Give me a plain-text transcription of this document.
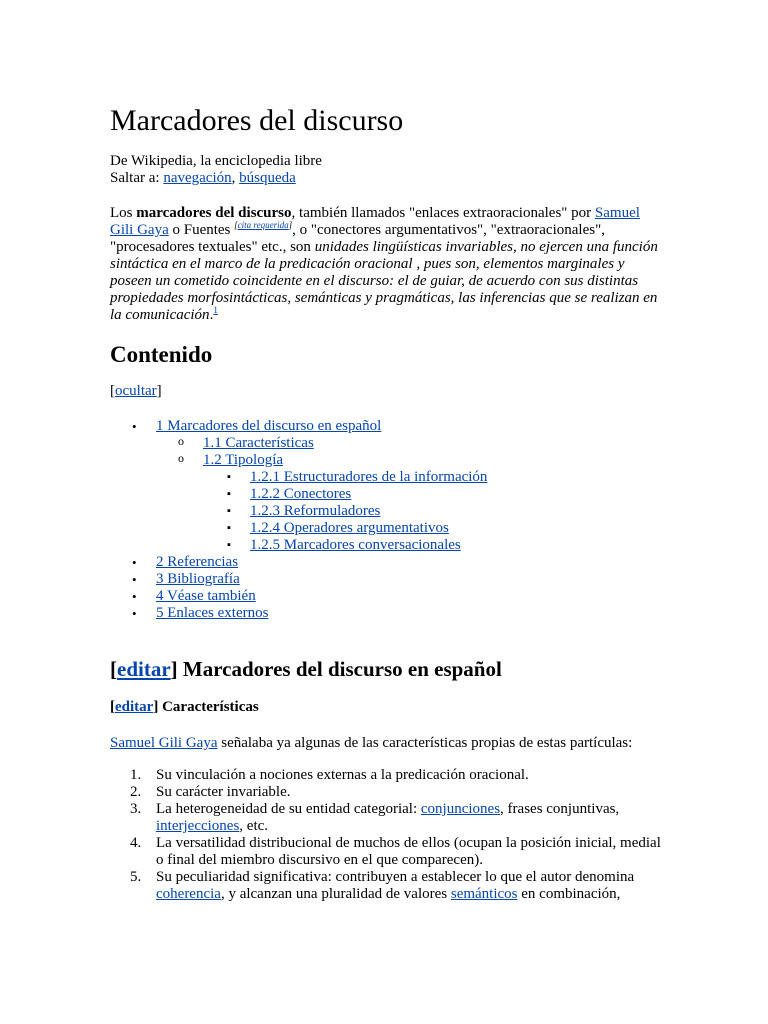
Marcadores del discurso

De Wikipedia, la enciclopedia libre
Saltar a: navegación, búsqueda

Los marcadores del discurso, también llamados "enlaces extraoracionales" por Samuel Gili Gaya o Fuentes [cita requerida], o "conectores argumentativos", "extraoracionales", "procesadores textuales" etc., son unidades lingüísticas invariables, no ejercen una función sintáctica en el marco de la predicación oracional , pues son, elementos marginales y poseen un cometido coincidente en el discurso: el de guiar, de acuerdo con sus distintas propiedades morfosintácticas, semánticas y pragmáticas, las inferencias que se realizan en la comunicación.$^1$

Contenido

[ocultar]

• 1 Marcadores del discurso en español
o 1.1 Características
o 1.2 Tipología
▪ 1.2.1 Estructuradores de la información
▪ 1.2.2 Conectores
▪ 1.2.3 Reformuladores
▪ 1.2.4 Operadores argumentativos
▪ 1.2.5 Marcadores conversacionales
• 2 Referencias
• 3 Bibliografía
• 4 Véase también
• 5 Enlaces externos
[editar] Marcadores del discurso en español
[editar] Características

Samuel Gili Gaya señalaba ya algunas de las características propias de estas partículas:

1. Su vinculación a nociones externas a la predicación oracional.
2. Su carácter invariable.
3. La heterogeneidad de su entidad categorial: conjunciones, frases conjuntivas, interjecciones, etc.
4. La versatilidad distribucional de muchos de ellos (ocupan la posición inicial, medial o final del miembro discursivo en el que comparecen).
5. Su peculiaridad significativa: contribuyen a establecer lo que el autor denomina coherencia, y alcanzan una pluralidad de valores semánticos en combinación,
